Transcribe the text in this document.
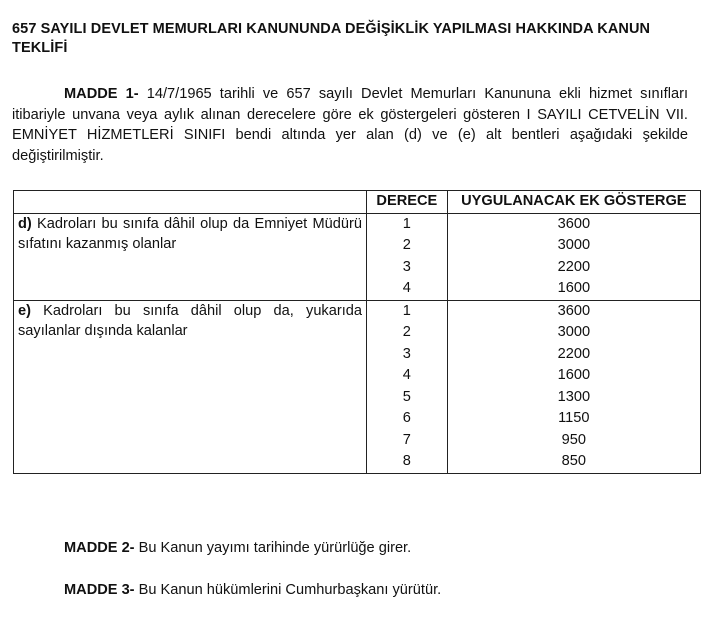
657 SAYILI DEVLET MEMURLARI KANUNUNDA DEĞİŞİKLİK YAPILMASI HAKKINDA KANUN TEKLİFİ
MADDE 1- 14/7/1965 tarihli ve 657 sayılı Devlet Memurları Kanununa ekli hizmet sınıfları itibariyle unvana veya aylık alınan derecelere göre ek göstergeleri gösteren I SAYILI CETVELİN VII. EMNİYET HİZMETLERİ SINIFI bendi altında yer alan (d) ve (e) alt bentleri aşağıdaki şekilde değiştirilmiştir.
	DERECE	UYGULANACAK EK GÖSTERGE
d) Kadroları bu sınıfa dâhil olup da Emniyet Müdürü sıfatını kazanmış olanlar	1	3600
	2	3000
	3	2200
	4	1600
e) Kadroları bu sınıfa dâhil olup da, yukarıda sayılanlar dışında kalanlar	1	3600
	2	3000
	3	2200
	4	1600
	5	1300
	6	1150
	7	950
	8	850
MADDE 2- Bu Kanun yayımı tarihinde yürürlüğe girer.
MADDE 3- Bu Kanun hükümlerini Cumhurbaşkanı yürütür.
